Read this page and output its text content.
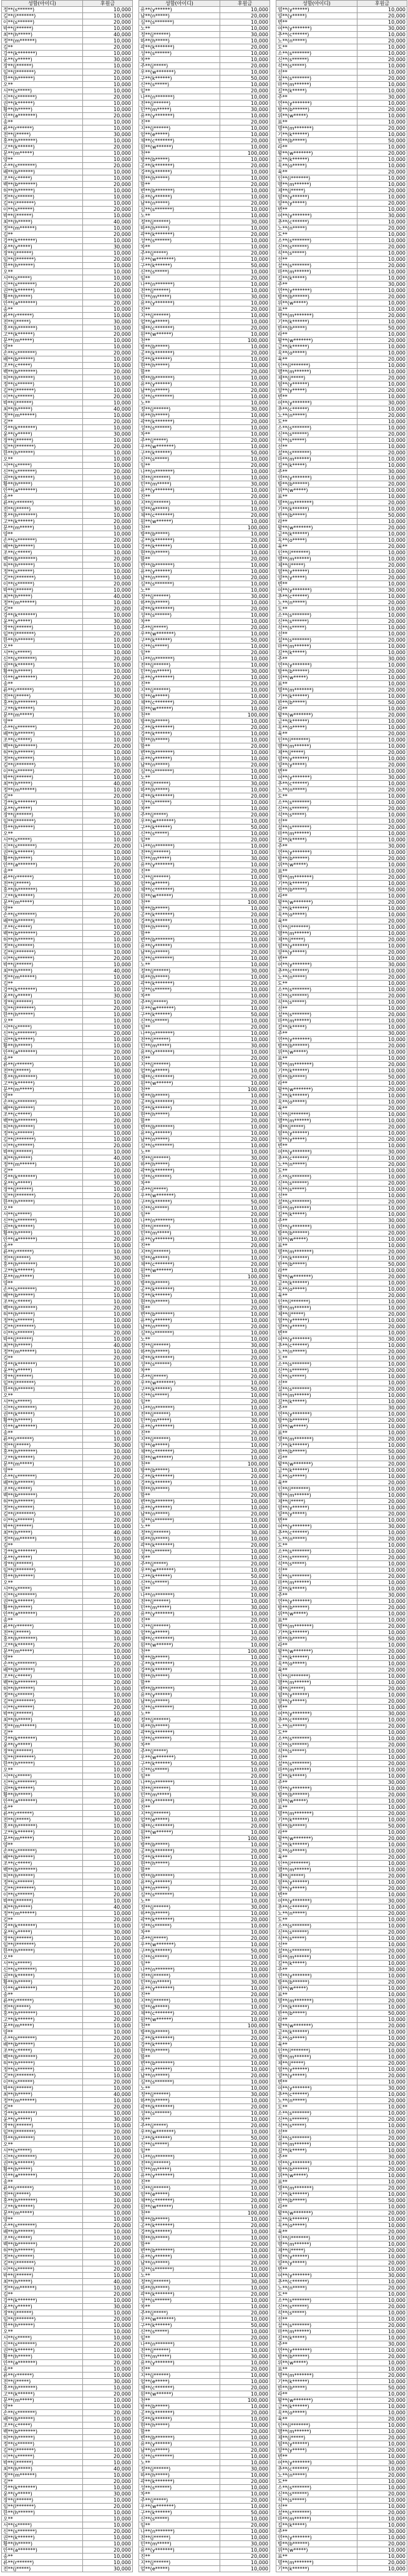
성함(아이디)	후원금
정**(s******)	10,000
김**(i*******)	10,000
이**(s******)	20,000
박**(j******)	10,000
최**(h*****)	40,000
정**(m******)	10,000
김**	20,000
강**(k*******)	10,000
윤**(y*****)	30,000
장**(j******)	10,000
임**(l*******)	20,000
한**(h******)	10,000
오**	10,000
서**(s*****)	10,000
신**(s*******)	20,000
권**(k******)	10,000
황**(h*****)	10,000
안**(a*******)	20,000
송**	10,000
류**(r******)	10,000
전**(j*****)	30,000
홍**(h*******)	10,000
고**(k******)	20,000
문**(m*****)	10,000
양**	10,000
손**(s*******)	20,000
배**(b******)	10,000
조**(c*****)	10,000
백**(b*******)	20,000
허**(h******)	10,000
정**(s******)	10,000
김**(i*******)	10,000
이**(s******)	20,000
박**(j******)	10,000
최**(h*****)	40,000
정**(m******)	10,000
김**	20,000
강**(k*******)	10,000
윤**(y*****)	30,000
장**(j******)	10,000
임**(l*******)	20,000
한**(h******)	10,000
오**	10,000
서**(s*****)	10,000
신**(s*******)	20,000
권**(k******)	10,000
황**(h*****)	10,000
안**(a*******)	20,000
송**	10,000
류**(r******)	10,000
전**(j*****)	30,000
홍**(h*******)	10,000
고**(k******)	20,000
문**(m*****)	10,000
양**	10,000
손**(s*******)	20,000
배**(b******)	10,000
조**(c*****)	10,000
백**(b*******)	20,000
허**(h******)	10,000
정**(s******)	10,000
김**(i*******)	10,000
이**(s******)	20,000
박**(j******)	10,000
최**(h*****)	40,000
정**(m******)	10,000
김**	20,000
강**(k*******)	10,000
윤**(y*****)	30,000
장**(j******)	10,000
임**(l*******)	20,000
한**(h******)	10,000
오**	10,000
서**(s*****)	10,000
신**(s*******)	20,000
권**(k******)	10,000
황**(h*****)	10,000
안**(a*******)	20,000
송**	10,000
류**(r******)	10,000
전**(j*****)	30,000
홍**(h*******)	10,000
고**(k******)	20,000
문**(m*****)	10,000
양**	10,000
손**(s*******)	20,000
배**(b******)	10,000
조**(c*****)	10,000
백**(b*******)	20,000
허**(h******)	10,000
정**(s******)	10,000
김**(i*******)	10,000
이**(s******)	20,000
박**(j******)	10,000
최**(h*****)	40,000
정**(m******)	10,000
김**	20,000
강**(k*******)	10,000
윤**(y*****)	30,000
장**(j******)	10,000
임**(l*******)	20,000
한**(h******)	10,000
오**	10,000
서**(s*****)	10,000
신**(s*******)	20,000
권**(k******)	10,000
황**(h*****)	10,000
안**(a*******)	20,000
송**	10,000
류**(r******)	10,000
전**(j*****)	30,000
홍**(h*******)	10,000
고**(k******)	20,000
문**(m*****)	10,000
양**	10,000
손**(s*******)	20,000
배**(b******)	10,000
조**(c*****)	10,000
백**(b*******)	20,000
허**(h******)	10,000
정**(s******)	10,000
김**(i*******)	10,000
이**(s******)	20,000
박**(j******)	10,000
최**(h*****)	40,000
정**(m******)	10,000
김**	20,000
강**(k*******)	10,000
윤**(y*****)	30,000
장**(j******)	10,000
임**(l*******)	20,000
한**(h******)	10,000
오**	10,000
서**(s*****)	10,000
신**(s*******)	20,000
권**(k******)	10,000
황**(h*****)	10,000
안**(a*******)	20,000
송**	10,000
류**(r******)	10,000
전**(j*****)	30,000
홍**(h*******)	10,000
고**(k******)	20,000
문**(m*****)	10,000
양**	10,000
손**(s*******)	20,000
배**(b******)	10,000
조**(c*****)	10,000
백**(b*******)	20,000
허**(h******)	10,000
정**(s******)	10,000
김**(i*******)	10,000
이**(s******)	20,000
박**(j******)	10,000
최**(h*****)	40,000
정**(m******)	10,000
김**	20,000
강**(k*******)	10,000
윤**(y*****)	30,000
장**(j******)	10,000
임**(l*******)	20,000
한**(h******)	10,000
오**	10,000
서**(s*****)	10,000
신**(s*******)	20,000
권**(k******)	10,000
황**(h*****)	10,000
안**(a*******)	20,000
송**	10,000
류**(r******)	10,000
전**(j*****)	30,000
홍**(h*******)	10,000
고**(k******)	20,000
문**(m*****)	10,000
양**	10,000
손**(s*******)	20,000
배**(b******)	10,000
조**(c*****)	10,000
백**(b*******)	20,000
허**(h******)	10,000
정**(s******)	10,000
김**(i*******)	10,000
이**(s******)	20,000
박**(j******)	10,000
최**(h*****)	40,000
정**(m******)	10,000
김**	20,000
강**(k*******)	10,000
윤**(y*****)	30,000
장**(j******)	10,000
임**(l*******)	20,000
한**(h******)	10,000
오**	10,000
서**(s*****)	10,000
신**(s*******)	20,000
권**(k******)	10,000
황**(h*****)	10,000
안**(a*******)	20,000
송**	10,000
류**(r******)	10,000
전**(j*****)	30,000
홍**(h*******)	10,000
고**(k******)	20,000
문**(m*****)	10,000
양**	10,000
손**(s*******)	20,000
배**(b******)	10,000
조**(c*****)	10,000
백**(b*******)	20,000
허**(h******)	10,000
정**(s******)	10,000
김**(i*******)	10,000
이**(s******)	20,000
박**(j******)	10,000
최**(h*****)	40,000
정**(m******)	10,000
김**	20,000
강**(k*******)	10,000
윤**(y*****)	30,000
장**(j******)	10,000
임**(l*******)	20,000
한**(h******)	10,000
오**	10,000
서**(s*****)	10,000
신**(s*******)	20,000
권**(k******)	10,000
황**(h*****)	10,000
안**(a*******)	20,000
송**	10,000
류**(r******)	10,000
전**(j*****)	30,000
홍**(h*******)	10,000
고**(k******)	20,000
문**(m*****)	10,000
양**	10,000
손**(s*******)	20,000
배**(b******)	10,000
조**(c*****)	10,000
백**(b*******)	20,000
허**(h******)	10,000
정**(s******)	10,000
김**(i*******)	10,000
이**(s******)	20,000
박**(j******)	10,000
최**(h*****)	40,000
정**(m******)	10,000
김**	20,000
강**(k*******)	10,000
윤**(y*****)	30,000
장**(j******)	10,000
임**(l*******)	20,000
한**(h******)	10,000
오**	10,000
서**(s*****)	10,000
신**(s*******)	20,000
권**(k******)	10,000
황**(h*****)	10,000
안**(a*******)	20,000
송**	10,000
류**(r******)	10,000
전**(j*****)	30,000
홍**(h*******)	10,000
고**(k******)	20,000
문**(m*****)	10,000
양**	10,000
손**(s*******)	20,000
배**(b******)	10,000
조**(c*****)	10,000
백**(b*******)	20,000
허**(h******)	10,000
정**(s******)	10,000
김**(i*******)	10,000
이**(s******)	20,000
박**(j******)	10,000
최**(h*****)	40,000
정**(m******)	10,000
김**	20,000
강**(k*******)	10,000
윤**(y*****)	30,000
장**(j******)	10,000
임**(l*******)	20,000
한**(h******)	10,000
오**	10,000
서**(s*****)	10,000
신**(s*******)	20,000
권**(k******)	10,000
황**(h*****)	10,000
안**(a*******)	20,000
송**	10,000
류**(r******)	10,000
전**(j*****)	30,000
홍**(h*******)	10,000
고**(k******)	20,000
문**(m*****)	10,000
양**	10,000
손**(s*******)	20,000
배**(b******)	10,000
조**(c*****)	10,000
백**(b*******)	20,000
허**(h******)	10,000
정**(s******)	10,000
김**(i*******)	10,000
이**(s******)	20,000
박**(j******)	10,000
최**(h*****)	40,000
정**(m******)	10,000
김**	20,000
강**(k*******)	10,000
윤**(y*****)	30,000
장**(j******)	10,000
임**(l*******)	20,000
한**(h******)	10,000
오**	10,000
서**(s*****)	10,000
신**(s*******)	20,000
권**(k******)	10,000
황**(h*****)	10,000
안**(a*******)	20,000
송**	10,000
류**(r******)	10,000
전**(j*****)	30,000
홍**(h*******)	10,000
고**(k******)	20,000
문**(m*****)	10,000
양**	10,000
손**(s*******)	20,000
배**(b******)	10,000
조**(c*****)	10,000
백**(b*******)	20,000
허**(h******)	10,000
정**(s******)	10,000
김**(i*******)	10,000
이**(s******)	20,000
박**(j******)	10,000
최**(h*****)	40,000
정**(m******)	10,000
김**	20,000
강**(k*******)	10,000
윤**(y*****)	30,000
장**(j******)	10,000
임**(l*******)	20,000
한**(h******)	10,000
오**	10,000
서**(s*****)	10,000
신**(s*******)	20,000
권**(k******)	10,000
황**(h*****)	10,000
안**(a*******)	20,000
송**	10,000
류**(r******)	10,000
전**(j*****)	30,000
홍**(h*******)	10,000
고**(k******)	20,000
문**(m*****)	10,000
양**	10,000
손**(s*******)	20,000
배**(b******)	10,000
조**(c*****)	10,000
백**(b*******)	20,000
허**(h******)	10,000
정**(s******)	10,000
김**(i*******)	10,000
이**(s******)	20,000
박**(j******)	10,000
최**(h*****)	40,000
정**(m******)	10,000
김**	20,000
강**(k*******)	10,000
윤**(y*****)	30,000
장**(j******)	10,000
임**(l*******)	20,000
한**(h******)	10,000
오**	10,000
서**(s*****)	10,000
신**(s*******)	20,000
권**(k******)	10,000
황**(h*****)	10,000
안**(a*******)	20,000
송**	10,000
류**(r******)	10,000
전**(j*****)	30,000
홍**(h*******)	10,000
고**(k******)	20,000
문**(m*****)	10,000
양**	10,000
손**(s*******)	20,000
배**(b******)	10,000
조**(c*****)	10,000
백**(b*******)	20,000
허**(h******)	10,000
정**(s******)	10,000
김**(i*******)	10,000
이**(s******)	20,000
박**(j******)	10,000
최**(h*****)	40,000
정**(m******)	10,000
김**	20,000
강**(k*******)	10,000
윤**(y*****)	30,000
장**(j******)	10,000
임**(l*******)	20,000
한**(h******)	10,000
오**	10,000
서**(s*****)	10,000
신**(s*******)	20,000
권**(k******)	10,000
황**(h*****)	10,000
안**(a*******)	20,000
송**	10,000
류**(r******)	10,000
전**(j*****)	30,000
성함(아이디)	후원금
유**(y******)	10,000
남**(n*****)	20,000
심**(s*******)	10,000
노**	10,000
정**(j******)	30,000
하**(h*****)	10,000
곽**(k*******)	20,000
성**(s******)	10,000
차**	10,000
주**(j*****)	20,000
우**(w*******)	10,000
구**(k******)	50,000
신**(s*****)	10,000
임**	20,000
나**(n*******)	10,000
전**(j******)	10,000
민**(m*****)	30,000
유**(y*******)	10,000
진**	20,000
지**(j******)	10,000
엄**(e*****)	10,000
채**(c*******)	20,000
원**(w******)	10,000
천**	100,000
방**(b*****)	10,000
공**(k*******)	20,000
강**(k******)	10,000
현**(h*****)	10,000
함**	20,000
변**(b*******)	10,000
유**(y******)	10,000
남**(n*****)	20,000
심**(s*******)	10,000
노**	10,000
정**(j******)	30,000
하**(h*****)	10,000
곽**(k*******)	20,000
성**(s******)	10,000
차**	10,000
주**(j*****)	20,000
우**(w*******)	10,000
구**(k******)	50,000
신**(s*****)	10,000
임**	20,000
나**(n*******)	10,000
전**(j******)	10,000
민**(m*****)	30,000
유**(y*******)	10,000
진**	20,000
지**(j******)	10,000
엄**(e*****)	10,000
채**(c*******)	20,000
원**(w******)	10,000
천**	100,000
방**(b*****)	10,000
공**(k*******)	20,000
강**(k******)	10,000
현**(h*****)	10,000
함**	20,000
변**(b*******)	10,000
유**(y******)	10,000
남**(n*****)	20,000
심**(s*******)	10,000
노**	10,000
정**(j******)	30,000
하**(h*****)	10,000
곽**(k*******)	20,000
성**(s******)	10,000
차**	10,000
주**(j*****)	20,000
우**(w*******)	10,000
구**(k******)	50,000
신**(s*****)	10,000
임**	20,000
나**(n*******)	10,000
전**(j******)	10,000
민**(m*****)	30,000
유**(y*******)	10,000
진**	20,000
지**(j******)	10,000
엄**(e*****)	10,000
채**(c*******)	20,000
원**(w******)	10,000
천**	100,000
방**(b*****)	10,000
공**(k*******)	20,000
강**(k******)	10,000
현**(h*****)	10,000
함**	20,000
변**(b*******)	10,000
유**(y******)	10,000
남**(n*****)	20,000
심**(s*******)	10,000
노**	10,000
정**(j******)	30,000
하**(h*****)	10,000
곽**(k*******)	20,000
성**(s******)	10,000
차**	10,000
주**(j*****)	20,000
우**(w*******)	10,000
구**(k******)	50,000
신**(s*****)	10,000
임**	20,000
나**(n*******)	10,000
전**(j******)	10,000
민**(m*****)	30,000
유**(y*******)	10,000
진**	20,000
지**(j******)	10,000
엄**(e*****)	10,000
채**(c*******)	20,000
원**(w******)	10,000
천**	100,000
방**(b*****)	10,000
공**(k*******)	20,000
강**(k******)	10,000
현**(h*****)	10,000
함**	20,000
변**(b*******)	10,000
유**(y******)	10,000
남**(n*****)	20,000
심**(s*******)	10,000
노**	10,000
정**(j******)	30,000
하**(h*****)	10,000
곽**(k*******)	20,000
성**(s******)	10,000
차**	10,000
주**(j*****)	20,000
우**(w*******)	10,000
구**(k******)	50,000
신**(s*****)	10,000
임**	20,000
나**(n*******)	10,000
전**(j******)	10,000
민**(m*****)	30,000
유**(y*******)	10,000
진**	20,000
지**(j******)	10,000
엄**(e*****)	10,000
채**(c*******)	20,000
원**(w******)	10,000
천**	100,000
방**(b*****)	10,000
공**(k*******)	20,000
강**(k******)	10,000
현**(h*****)	10,000
함**	20,000
변**(b*******)	10,000
유**(y******)	10,000
남**(n*****)	20,000
심**(s*******)	10,000
노**	10,000
정**(j******)	30,000
하**(h*****)	10,000
곽**(k*******)	20,000
성**(s******)	10,000
차**	10,000
주**(j*****)	20,000
우**(w*******)	10,000
구**(k******)	50,000
신**(s*****)	10,000
임**	20,000
나**(n*******)	10,000
전**(j******)	10,000
민**(m*****)	30,000
유**(y*******)	10,000
진**	20,000
지**(j******)	10,000
엄**(e*****)	10,000
채**(c*******)	20,000
원**(w******)	10,000
천**	100,000
방**(b*****)	10,000
공**(k*******)	20,000
강**(k******)	10,000
현**(h*****)	10,000
함**	20,000
변**(b*******)	10,000
유**(y******)	10,000
남**(n*****)	20,000
심**(s*******)	10,000
노**	10,000
정**(j******)	30,000
하**(h*****)	10,000
곽**(k*******)	20,000
성**(s******)	10,000
차**	10,000
주**(j*****)	20,000
우**(w*******)	10,000
구**(k******)	50,000
신**(s*****)	10,000
임**	20,000
나**(n*******)	10,000
전**(j******)	10,000
민**(m*****)	30,000
유**(y*******)	10,000
진**	20,000
지**(j******)	10,000
엄**(e*****)	10,000
채**(c*******)	20,000
원**(w******)	10,000
천**	100,000
방**(b*****)	10,000
공**(k*******)	20,000
강**(k******)	10,000
현**(h*****)	10,000
함**	20,000
변**(b*******)	10,000
유**(y******)	10,000
남**(n*****)	20,000
심**(s*******)	10,000
노**	10,000
정**(j******)	30,000
하**(h*****)	10,000
곽**(k*******)	20,000
성**(s******)	10,000
차**	10,000
주**(j*****)	20,000
우**(w*******)	10,000
구**(k******)	50,000
신**(s*****)	10,000
임**	20,000
나**(n*******)	10,000
전**(j******)	10,000
민**(m*****)	30,000
유**(y*******)	10,000
진**	20,000
지**(j******)	10,000
엄**(e*****)	10,000
채**(c*******)	20,000
원**(w******)	10,000
천**	100,000
방**(b*****)	10,000
공**(k*******)	20,000
강**(k******)	10,000
현**(h*****)	10,000
함**	20,000
변**(b*******)	10,000
유**(y******)	10,000
남**(n*****)	20,000
심**(s*******)	10,000
노**	10,000
정**(j******)	30,000
하**(h*****)	10,000
곽**(k*******)	20,000
성**(s******)	10,000
차**	10,000
주**(j*****)	20,000
우**(w*******)	10,000
구**(k******)	50,000
신**(s*****)	10,000
임**	20,000
나**(n*******)	10,000
전**(j******)	10,000
민**(m*****)	30,000
유**(y*******)	10,000
진**	20,000
지**(j******)	10,000
엄**(e*****)	10,000
채**(c*******)	20,000
원**(w******)	10,000
천**	100,000
방**(b*****)	10,000
공**(k*******)	20,000
강**(k******)	10,000
현**(h*****)	10,000
함**	20,000
변**(b*******)	10,000
유**(y******)	10,000
남**(n*****)	20,000
심**(s*******)	10,000
노**	10,000
정**(j******)	30,000
하**(h*****)	10,000
곽**(k*******)	20,000
성**(s******)	10,000
차**	10,000
주**(j*****)	20,000
우**(w*******)	10,000
구**(k******)	50,000
신**(s*****)	10,000
임**	20,000
나**(n*******)	10,000
전**(j******)	10,000
민**(m*****)	30,000
유**(y*******)	10,000
진**	20,000
지**(j******)	10,000
엄**(e*****)	10,000
채**(c*******)	20,000
원**(w******)	10,000
천**	100,000
방**(b*****)	10,000
공**(k*******)	20,000
강**(k******)	10,000
현**(h*****)	10,000
함**	20,000
변**(b*******)	10,000
유**(y******)	10,000
남**(n*****)	20,000
심**(s*******)	10,000
노**	10,000
정**(j******)	30,000
하**(h*****)	10,000
곽**(k*******)	20,000
성**(s******)	10,000
차**	10,000
주**(j*****)	20,000
우**(w*******)	10,000
구**(k******)	50,000
신**(s*****)	10,000
임**	20,000
나**(n*******)	10,000
전**(j******)	10,000
민**(m*****)	30,000
유**(y*******)	10,000
진**	20,000
지**(j******)	10,000
엄**(e*****)	10,000
채**(c*******)	20,000
원**(w******)	10,000
천**	100,000
방**(b*****)	10,000
공**(k*******)	20,000
강**(k******)	10,000
현**(h*****)	10,000
함**	20,000
변**(b*******)	10,000
유**(y******)	10,000
남**(n*****)	20,000
심**(s*******)	10,000
노**	10,000
정**(j******)	30,000
하**(h*****)	10,000
곽**(k*******)	20,000
성**(s******)	10,000
차**	10,000
주**(j*****)	20,000
우**(w*******)	10,000
구**(k******)	50,000
신**(s*****)	10,000
임**	20,000
나**(n*******)	10,000
전**(j******)	10,000
민**(m*****)	30,000
유**(y*******)	10,000
진**	20,000
지**(j******)	10,000
엄**(e*****)	10,000
채**(c*******)	20,000
원**(w******)	10,000
천**	100,000
방**(b*****)	10,000
공**(k*******)	20,000
강**(k******)	10,000
현**(h*****)	10,000
함**	20,000
변**(b*******)	10,000
유**(y******)	10,000
남**(n*****)	20,000
심**(s*******)	10,000
노**	10,000
정**(j******)	30,000
하**(h*****)	10,000
곽**(k*******)	20,000
성**(s******)	10,000
차**	10,000
주**(j*****)	20,000
우**(w*******)	10,000
구**(k******)	50,000
신**(s*****)	10,000
임**	20,000
나**(n*******)	10,000
전**(j******)	10,000
민**(m*****)	30,000
유**(y*******)	10,000
진**	20,000
지**(j******)	10,000
엄**(e*****)	10,000
채**(c*******)	20,000
원**(w******)	10,000
천**	100,000
방**(b*****)	10,000
공**(k*******)	20,000
강**(k******)	10,000
현**(h*****)	10,000
함**	20,000
변**(b*******)	10,000
유**(y******)	10,000
남**(n*****)	20,000
심**(s*******)	10,000
노**	10,000
정**(j******)	30,000
하**(h*****)	10,000
곽**(k*******)	20,000
성**(s******)	10,000
차**	10,000
주**(j*****)	20,000
우**(w*******)	10,000
구**(k******)	50,000
신**(s*****)	10,000
임**	20,000
나**(n*******)	10,000
전**(j******)	10,000
민**(m*****)	30,000
유**(y*******)	10,000
진**	20,000
지**(j******)	10,000
엄**(e*****)	10,000
성함(아이디)	후원금
염**(y******)	10,000
양**(y*****)	20,000
변**	10,000
여**(y*******)	30,000
추**(c******)	10,000
노**(n*****)	20,000
도**	10,000
소**(s*******)	10,000
신**(s******)	20,000
석**(s*****)	10,000
선**	10,000
설**(s*******)	20,000
마**(m******)	10,000
길**(k*****)	10,000
주**	30,000
연**(y*******)	10,000
방**(b******)	20,000
위**(w*****)	10,000
표**	10,000
명**(m*******)	20,000
기**(k******)	10,000
반**(b*****)	50,000
라**	10,000
왕**(w*******)	20,000
금**(k******)	10,000
옥**(o*****)	10,000
육**	20,000
인**(i*******)	10,000
맹**(m******)	10,000
제**(j*****)	20,000
염**(y******)	10,000
양**(y*****)	20,000
변**	10,000
여**(y*******)	30,000
추**(c******)	10,000
노**(n*****)	20,000
도**	10,000
소**(s*******)	10,000
신**(s******)	20,000
석**(s*****)	10,000
선**	10,000
설**(s*******)	20,000
마**(m******)	10,000
길**(k*****)	10,000
주**	30,000
연**(y*******)	10,000
방**(b******)	20,000
위**(w*****)	10,000
표**	10,000
명**(m*******)	20,000
기**(k******)	10,000
반**(b*****)	50,000
라**	10,000
왕**(w*******)	20,000
금**(k******)	10,000
옥**(o*****)	10,000
육**	20,000
인**(i*******)	10,000
맹**(m******)	10,000
제**(j*****)	20,000
염**(y******)	10,000
양**(y*****)	20,000
변**	10,000
여**(y*******)	30,000
추**(c******)	10,000
노**(n*****)	20,000
도**	10,000
소**(s*******)	10,000
신**(s******)	20,000
석**(s*****)	10,000
선**	10,000
설**(s*******)	20,000
마**(m******)	10,000
길**(k*****)	10,000
주**	30,000
연**(y*******)	10,000
방**(b******)	20,000
위**(w*****)	10,000
표**	10,000
명**(m*******)	20,000
기**(k******)	10,000
반**(b*****)	50,000
라**	10,000
왕**(w*******)	20,000
금**(k******)	10,000
옥**(o*****)	10,000
육**	20,000
인**(i*******)	10,000
맹**(m******)	10,000
제**(j*****)	20,000
염**(y******)	10,000
양**(y*****)	20,000
변**	10,000
여**(y*******)	30,000
추**(c******)	10,000
노**(n*****)	20,000
도**	10,000
소**(s*******)	10,000
신**(s******)	20,000
석**(s*****)	10,000
선**	10,000
설**(s*******)	20,000
마**(m******)	10,000
길**(k*****)	10,000
주**	30,000
연**(y*******)	10,000
방**(b******)	20,000
위**(w*****)	10,000
표**	10,000
명**(m*******)	20,000
기**(k******)	10,000
반**(b*****)	50,000
라**	10,000
왕**(w*******)	20,000
금**(k******)	10,000
옥**(o*****)	10,000
육**	20,000
인**(i*******)	10,000
맹**(m******)	10,000
제**(j*****)	20,000
염**(y******)	10,000
양**(y*****)	20,000
변**	10,000
여**(y*******)	30,000
추**(c******)	10,000
노**(n*****)	20,000
도**	10,000
소**(s*******)	10,000
신**(s******)	20,000
석**(s*****)	10,000
선**	10,000
설**(s*******)	20,000
마**(m******)	10,000
길**(k*****)	10,000
주**	30,000
연**(y*******)	10,000
방**(b******)	20,000
위**(w*****)	10,000
표**	10,000
명**(m*******)	20,000
기**(k******)	10,000
반**(b*****)	50,000
라**	10,000
왕**(w*******)	20,000
금**(k******)	10,000
옥**(o*****)	10,000
육**	20,000
인**(i*******)	10,000
맹**(m******)	10,000
제**(j*****)	20,000
염**(y******)	10,000
양**(y*****)	20,000
변**	10,000
여**(y*******)	30,000
추**(c******)	10,000
노**(n*****)	20,000
도**	10,000
소**(s*******)	10,000
신**(s******)	20,000
석**(s*****)	10,000
선**	10,000
설**(s*******)	20,000
마**(m******)	10,000
길**(k*****)	10,000
주**	30,000
연**(y*******)	10,000
방**(b******)	20,000
위**(w*****)	10,000
표**	10,000
명**(m*******)	20,000
기**(k******)	10,000
반**(b*****)	50,000
라**	10,000
왕**(w*******)	20,000
금**(k******)	10,000
옥**(o*****)	10,000
육**	20,000
인**(i*******)	10,000
맹**(m******)	10,000
제**(j*****)	20,000
염**(y******)	10,000
양**(y*****)	20,000
변**	10,000
여**(y*******)	30,000
추**(c******)	10,000
노**(n*****)	20,000
도**	10,000
소**(s*******)	10,000
신**(s******)	20,000
석**(s*****)	10,000
선**	10,000
설**(s*******)	20,000
마**(m******)	10,000
길**(k*****)	10,000
주**	30,000
연**(y*******)	10,000
방**(b******)	20,000
위**(w*****)	10,000
표**	10,000
명**(m*******)	20,000
기**(k******)	10,000
반**(b*****)	50,000
라**	10,000
왕**(w*******)	20,000
금**(k******)	10,000
옥**(o*****)	10,000
육**	20,000
인**(i*******)	10,000
맹**(m******)	10,000
제**(j*****)	20,000
염**(y******)	10,000
양**(y*****)	20,000
변**	10,000
여**(y*******)	30,000
추**(c******)	10,000
노**(n*****)	20,000
도**	10,000
소**(s*******)	10,000
신**(s******)	20,000
석**(s*****)	10,000
선**	10,000
설**(s*******)	20,000
마**(m******)	10,000
길**(k*****)	10,000
주**	30,000
연**(y*******)	10,000
방**(b******)	20,000
위**(w*****)	10,000
표**	10,000
명**(m*******)	20,000
기**(k******)	10,000
반**(b*****)	50,000
라**	10,000
왕**(w*******)	20,000
금**(k******)	10,000
옥**(o*****)	10,000
육**	20,000
인**(i*******)	10,000
맹**(m******)	10,000
제**(j*****)	20,000
염**(y******)	10,000
양**(y*****)	20,000
변**	10,000
여**(y*******)	30,000
추**(c******)	10,000
노**(n*****)	20,000
도**	10,000
소**(s*******)	10,000
신**(s******)	20,000
석**(s*****)	10,000
선**	10,000
설**(s*******)	20,000
마**(m******)	10,000
길**(k*****)	10,000
주**	30,000
연**(y*******)	10,000
방**(b******)	20,000
위**(w*****)	10,000
표**	10,000
명**(m*******)	20,000
기**(k******)	10,000
반**(b*****)	50,000
라**	10,000
왕**(w*******)	20,000
금**(k******)	10,000
옥**(o*****)	10,000
육**	20,000
인**(i*******)	10,000
맹**(m******)	10,000
제**(j*****)	20,000
염**(y******)	10,000
양**(y*****)	20,000
변**	10,000
여**(y*******)	30,000
추**(c******)	10,000
노**(n*****)	20,000
도**	10,000
소**(s*******)	10,000
신**(s******)	20,000
석**(s*****)	10,000
선**	10,000
설**(s*******)	20,000
마**(m******)	10,000
길**(k*****)	10,000
주**	30,000
연**(y*******)	10,000
방**(b******)	20,000
위**(w*****)	10,000
표**	10,000
명**(m*******)	20,000
기**(k******)	10,000
반**(b*****)	50,000
라**	10,000
왕**(w*******)	20,000
금**(k******)	10,000
옥**(o*****)	10,000
육**	20,000
인**(i*******)	10,000
맹**(m******)	10,000
제**(j*****)	20,000
염**(y******)	10,000
양**(y*****)	20,000
변**	10,000
여**(y*******)	30,000
추**(c******)	10,000
노**(n*****)	20,000
도**	10,000
소**(s*******)	10,000
신**(s******)	20,000
석**(s*****)	10,000
선**	10,000
설**(s*******)	20,000
마**(m******)	10,000
길**(k*****)	10,000
주**	30,000
연**(y*******)	10,000
방**(b******)	20,000
위**(w*****)	10,000
표**	10,000
명**(m*******)	20,000
기**(k******)	10,000
반**(b*****)	50,000
라**	10,000
왕**(w*******)	20,000
금**(k******)	10,000
옥**(o*****)	10,000
육**	20,000
인**(i*******)	10,000
맹**(m******)	10,000
제**(j*****)	20,000
염**(y******)	10,000
양**(y*****)	20,000
변**	10,000
여**(y*******)	30,000
추**(c******)	10,000
노**(n*****)	20,000
도**	10,000
소**(s*******)	10,000
신**(s******)	20,000
석**(s*****)	10,000
선**	10,000
설**(s*******)	20,000
마**(m******)	10,000
길**(k*****)	10,000
주**	30,000
연**(y*******)	10,000
방**(b******)	20,000
위**(w*****)	10,000
표**	10,000
명**(m*******)	20,000
기**(k******)	10,000
반**(b*****)	50,000
라**	10,000
왕**(w*******)	20,000
금**(k******)	10,000
옥**(o*****)	10,000
육**	20,000
인**(i*******)	10,000
맹**(m******)	10,000
제**(j*****)	20,000
염**(y******)	10,000
양**(y*****)	20,000
변**	10,000
여**(y*******)	30,000
추**(c******)	10,000
노**(n*****)	20,000
도**	10,000
소**(s*******)	10,000
신**(s******)	20,000
석**(s*****)	10,000
선**	10,000
설**(s*******)	20,000
마**(m******)	10,000
길**(k*****)	10,000
주**	30,000
연**(y*******)	10,000
방**(b******)	20,000
위**(w*****)	10,000
표**	10,000
명**(m*******)	20,000
기**(k******)	10,000
반**(b*****)	50,000
라**	10,000
왕**(w*******)	20,000
금**(k******)	10,000
옥**(o*****)	10,000
육**	20,000
인**(i*******)	10,000
맹**(m******)	10,000
제**(j*****)	20,000
염**(y******)	10,000
양**(y*****)	20,000
변**	10,000
여**(y*******)	30,000
추**(c******)	10,000
노**(n*****)	20,000
도**	10,000
소**(s*******)	10,000
신**(s******)	20,000
석**(s*****)	10,000
선**	10,000
설**(s*******)	20,000
마**(m******)	10,000
길**(k*****)	10,000
주**	30,000
연**(y*******)	10,000
방**(b******)	20,000
위**(w*****)	10,000
표**	10,000
명**(m*******)	20,000
기**(k******)	10,000
